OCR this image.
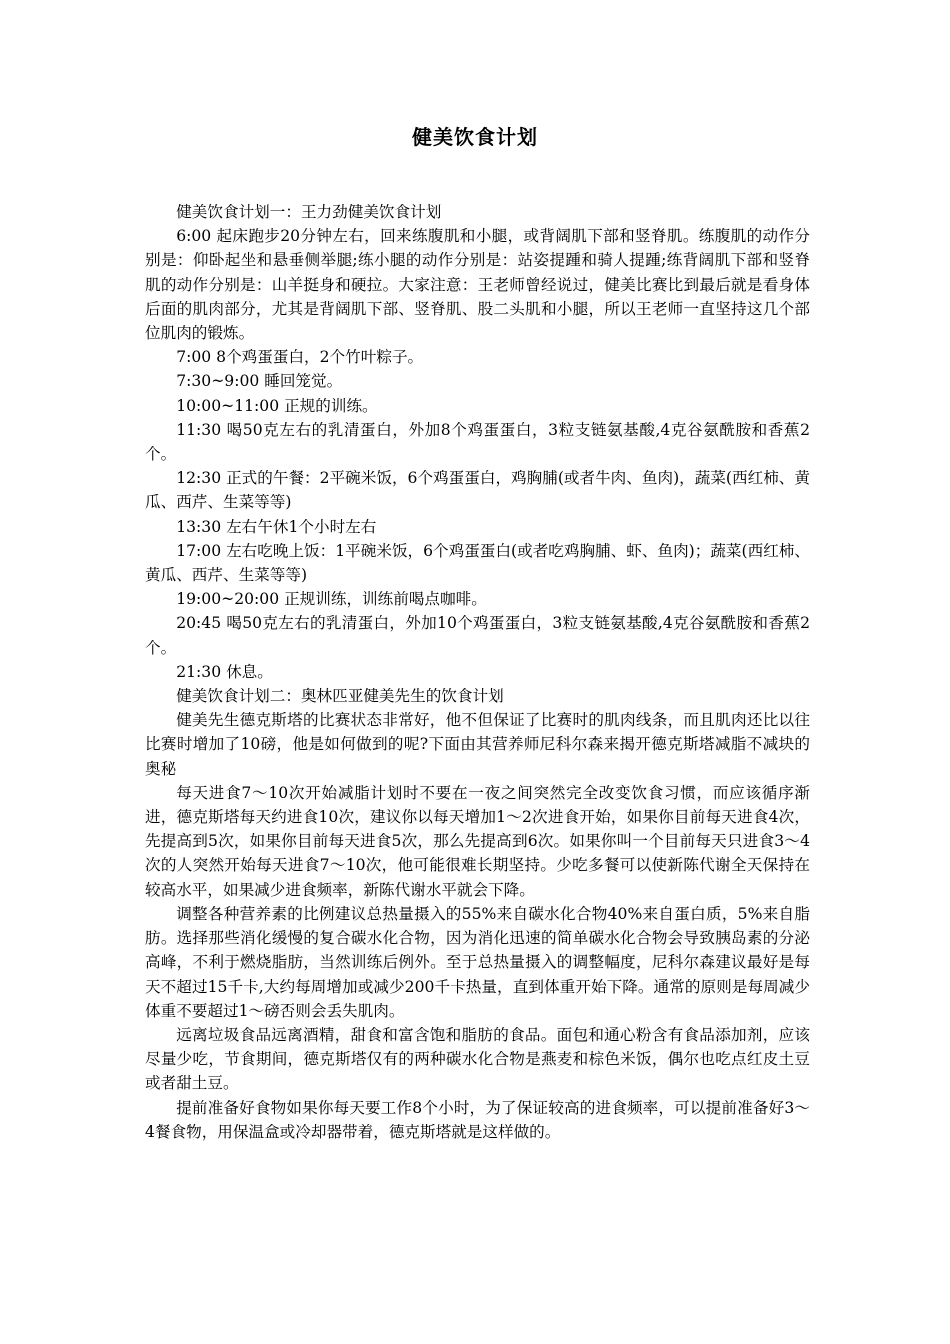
健美饮食计划

健美饮食计划一：王力劲健美饮食计划

6:00 起床跑步20分钟左右，回来练腹肌和小腿，或背阔肌下部和竖脊肌。练腹肌的动作分别是：仰卧起坐和悬垂侧举腿;练小腿的动作分别是：站姿提踵和骑人提踵;练背阔肌下部和竖脊肌的动作分别是：山羊挺身和硬拉。大家注意：王老师曾经说过，健美比赛比到最后就是看身体后面的肌肉部分，尤其是背阔肌下部、竖脊肌、股二头肌和小腿，所以王老师一直坚持这几个部位肌肉的锻炼。

7:00 8个鸡蛋蛋白，2个竹叶粽子。

7:30~9:00 睡回笼觉。

10:00~11:00 正规的训练。

11:30 喝50克左右的乳清蛋白，外加8个鸡蛋蛋白，3粒支链氨基酸,4克谷氨酰胺和香蕉2个。

12:30 正式的午餐：2平碗米饭，6个鸡蛋蛋白，鸡胸脯(或者牛肉、鱼肉)，蔬菜(西红柿、黄瓜、西芹、生菜等等)

13:30 左右午休1个小时左右

17:00 左右吃晚上饭：1平碗米饭，6个鸡蛋蛋白(或者吃鸡胸脯、虾、鱼肉)；蔬菜(西红柿、黄瓜、西芹、生菜等等)

19:00~20:00 正规训练，训练前喝点咖啡。

20:45 喝50克左右的乳清蛋白，外加10个鸡蛋蛋白，3粒支链氨基酸,4克谷氨酰胺和香蕉2个。

21:30 休息。

健美饮食计划二：奥林匹亚健美先生的饮食计划

健美先生德克斯塔的比赛状态非常好，他不但保证了比赛时的肌肉线条，而且肌肉还比以往比赛时增加了10磅，他是如何做到的呢?下面由其营养师尼科尔森来揭开德克斯塔减脂不减块的奥秘

每天进食7～10次开始减脂计划时不要在一夜之间突然完全改变饮食习惯，而应该循序渐进，德克斯塔每天约进食10次，建议你以每天增加1～2次进食开始，如果你目前每天进食4次，先提高到5次，如果你目前每天进食5次，那么先提高到6次。如果你叫一个目前每天只进食3～4次的人突然开始每天进食7～10次，他可能很难长期坚持。少吃多餐可以使新陈代谢全天保持在较高水平，如果减少进食频率，新陈代谢水平就会下降。

调整各种营养素的比例建议总热量摄入的55%来自碳水化合物40%来自蛋白质，5%来自脂肪。选择那些消化缓慢的复合碳水化合物，因为消化迅速的简单碳水化合物会导致胰岛素的分泌高峰，不利于燃烧脂肪，当然训练后例外。至于总热量摄入的调整幅度，尼科尔森建议最好是每天不超过15千卡,大约每周增加或减少200千卡热量，直到体重开始下降。通常的原则是每周减少体重不要超过1～磅否则会丢失肌肉。

远离垃圾食品远离酒精，甜食和富含饱和脂肪的食品。面包和通心粉含有食品添加剂，应该尽量少吃，节食期间，德克斯塔仅有的两种碳水化合物是燕麦和棕色米饭，偶尔也吃点红皮土豆或者甜土豆。

提前准备好食物如果你每天要工作8个小时，为了保证较高的进食频率，可以提前准备好3～4餐食物，用保温盒或冷却器带着，德克斯塔就是这样做的。
